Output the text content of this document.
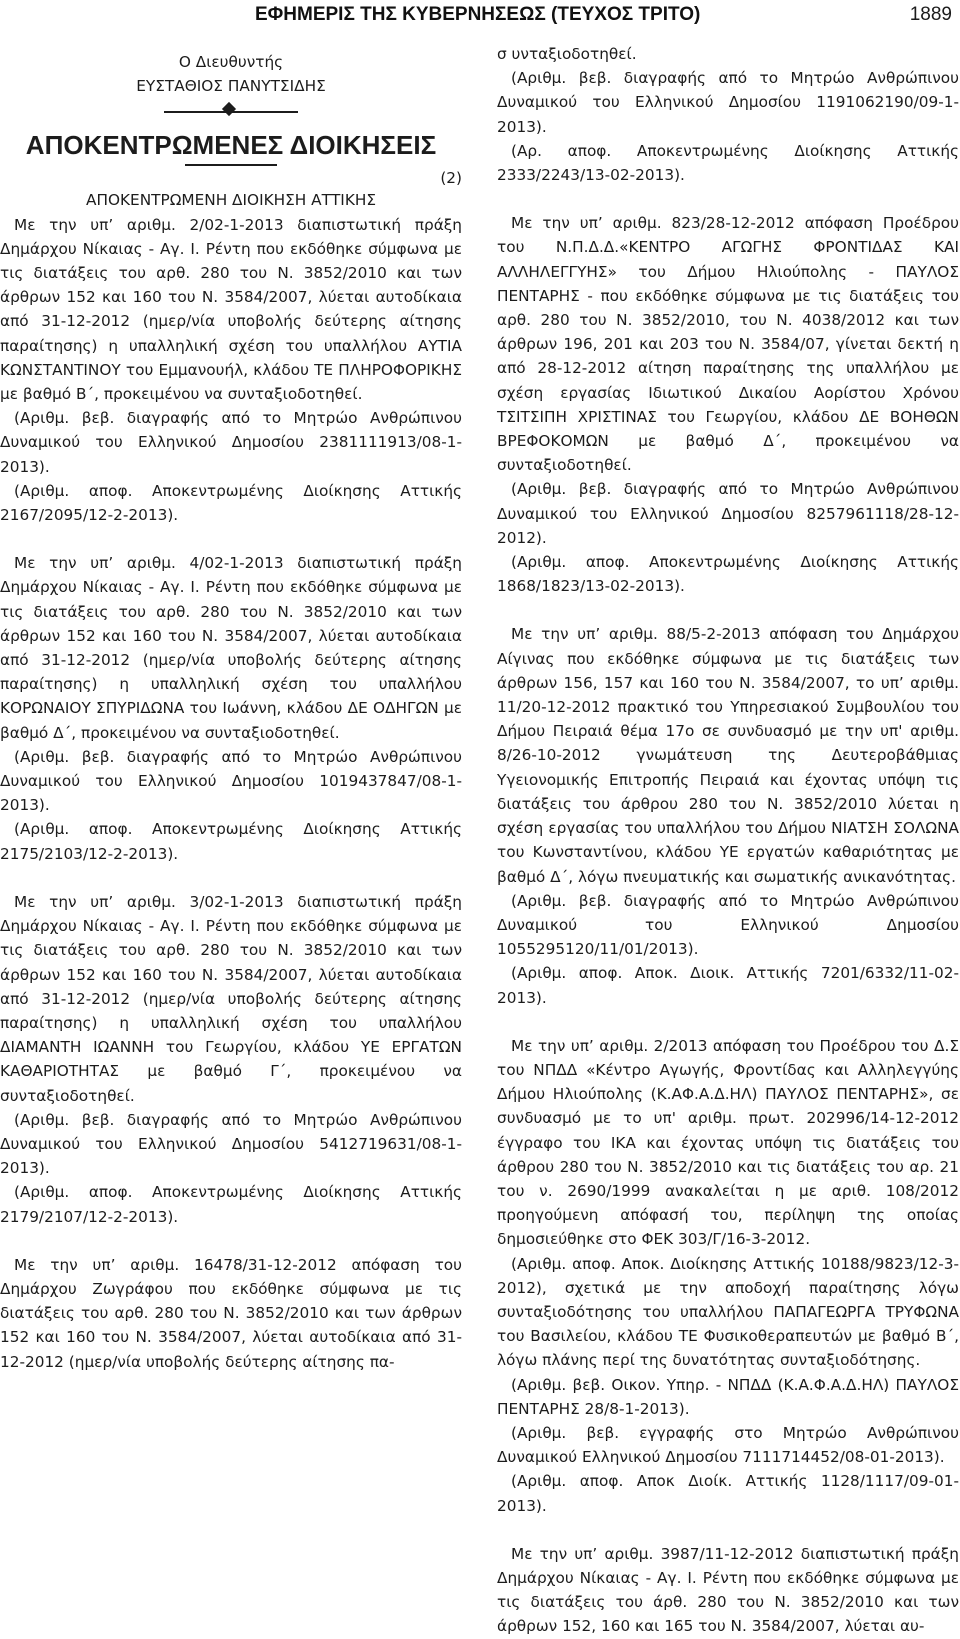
ΕΦΗΜΕΡΙΣ ΤΗΣ ΚΥΒΕΡΝΗΣΕΩΣ (ΤΕΥΧΟΣ ΤΡΙΤΟ)	1889

Ο Διευθυντής

ΕΥΣΤΑΘΙΟΣ ΠΑΝΥΤΣΙΔΗΣ

ΑΠΟΚΕΝΤΡΩΜΕΝΕΣ ΔΙΟΙΚΗΣΕΙΣ

(2)

ΑΠΟΚΕΝΤΡΩΜΕΝΗ ΔΙΟΙΚΗΣΗ ΑΤΤΙΚΗΣ

Με την υπ’ αριθμ. 2/02-1-2013 διαπιστωτική πράξη Δημάρχου Νίκαιας - Αγ. Ι. Ρέντη που εκδόθηκε σύμφωνα με τις διατάξεις του αρθ. 280 του Ν. 3852/2010 και των άρθρων 152 και 160 του Ν. 3584/2007, λύεται αυτοδίκαια από 31-12-2012 (ημερ/νία υποβολής δεύτερης αίτησης παραίτησης) η υπαλληλική σχέση του υπαλλήλου ΑΥΤΙΑ ΚΩΝΣΤΑΝΤΙΝΟΥ του Εμμανουήλ, κλάδου ΤΕ ΠΛΗΡΟΦΟΡΙΚΗΣ με βαθμό Β΄, προκειμένου να συνταξιοδοτηθεί.

(Αριθμ. βεβ. διαγραφής από το Μητρώο Ανθρώπινου Δυναμικού του Ελληνικού Δημοσίου 2381111913/08-1-2013).

(Αριθμ. αποφ. Αποκεντρωμένης Διοίκησης Αττικής 2167/2095/12-2-2013).

Με την υπ’ αριθμ. 4/02-1-2013 διαπιστωτική πράξη Δημάρχου Νίκαιας - Αγ. Ι. Ρέντη που εκδόθηκε σύμφωνα με τις διατάξεις του αρθ. 280 του Ν. 3852/2010 και των άρθρων 152 και 160 του Ν. 3584/2007, λύεται αυτοδίκαια από 31-12-2012 (ημερ/νία υποβολής δεύτερης αίτησης παραίτησης) η υπαλληλική σχέση του υπαλλήλου ΚΟΡΩΝΑΙΟΥ ΣΠΥΡΙΔΩΝΑ του Ιωάννη, κλάδου ΔΕ ΟΔΗΓΩΝ με βαθμό Δ΄, προκειμένου να συνταξιοδοτηθεί.

(Αριθμ. βεβ. διαγραφής από το Μητρώο Ανθρώπινου Δυναμικού του Ελληνικού Δημοσίου 1019437847/08-1-2013).

(Αριθμ. αποφ. Αποκεντρωμένης Διοίκησης Αττικής 2175/2103/12-2-2013).

Με την υπ’ αριθμ. 3/02-1-2013 διαπιστωτική πράξη Δημάρχου Νίκαιας - Αγ. Ι. Ρέντη που εκδόθηκε σύμφωνα με τις διατάξεις του αρθ. 280 του Ν. 3852/2010 και των άρθρων 152 και 160 του Ν. 3584/2007, λύεται αυτοδίκαια από 31-12-2012 (ημερ/νία υποβολής δεύτερης αίτησης παραίτησης) η υπαλληλική σχέση του υπαλλήλου ΔΙΑΜΑΝΤΗ ΙΩΑΝΝΗ του Γεωργίου, κλάδου ΥΕ ΕΡΓΑΤΩΝ ΚΑΘΑΡΙΟΤΗΤΑΣ με βαθμό Γ΄, προκειμένου να συνταξιοδοτηθεί.

(Αριθμ. βεβ. διαγραφής από το Μητρώο Ανθρώπινου Δυναμικού του Ελληνικού Δημοσίου 5412719631/08-1-2013).

(Αριθμ. αποφ. Αποκεντρωμένης Διοίκησης Αττικής 2179/2107/12-2-2013).

Με την υπ’ αριθμ. 16478/31-12-2012 απόφαση του Δημάρχου Ζωγράφου που εκδόθηκε σύμφωνα με τις διατάξεις του αρθ. 280 του Ν. 3852/2010 και των άρθρων 152 και 160 του Ν. 3584/2007, λύεται αυτοδίκαια από 31-12-2012 (ημερ/νία υποβολής δεύτερης αίτησης πα-

σ υνταξιοδοτηθεί.

(Αριθμ. βεβ. διαγραφής από το Μητρώο Ανθρώπινου Δυναμικού του Ελληνικού Δημοσίου 1191062190/09-1-2013).

(Αρ. αποφ. Αποκεντρωμένης Διοίκησης Αττικής 2333/2243/13-02-2013).

Με την υπ’ αριθμ. 823/28-12-2012 απόφαση Προέδρου του Ν.Π.Δ.Δ.«ΚΕΝΤΡΟ ΑΓΩΓΗΣ ΦΡΟΝΤΙΔΑΣ ΚΑΙ ΑΛΛΗΛΕΓΓΥΗΣ» του Δήμου Ηλιούπολης - ΠΑΥΛΟΣ ΠΕΝΤΑΡΗΣ - που εκδόθηκε σύμφωνα με τις διατάξεις του αρθ. 280 του Ν. 3852/2010, του Ν. 4038/2012 και των άρθρων 196, 201 και 203 του Ν. 3584/07, γίνεται δεκτή η από 28-12-2012 αίτηση παραίτησης της υπαλλήλου με σχέση εργασίας Ιδιωτικού Δικαίου Αορίστου Χρόνου ΤΣΙΤΣΙΠΗ ΧΡΙΣΤΙΝΑΣ του Γεωργίου, κλάδου ΔΕ ΒΟΗΘΩΝ ΒΡΕΦΟΚΟΜΩΝ με βαθμό Δ΄, προκειμένου να συνταξιοδοτηθεί.

(Αριθμ. βεβ. διαγραφής από το Μητρώο Ανθρώπινου Δυναμικού του Ελληνικού Δημοσίου 8257961118/28-12-2012).

(Αριθμ. αποφ. Αποκεντρωμένης Διοίκησης Αττικής 1868/1823/13-02-2013).

Με την υπ’ αριθμ. 88/5-2-2013 απόφαση του Δημάρχου Αίγινας που εκδόθηκε σύμφωνα με τις διατάξεις των άρθρων 156, 157 και 160 του Ν. 3584/2007, το υπ’ αριθμ. 11/20-12-2012 πρακτικό του Υπηρεσιακού Συμβουλίου του Δήμου Πειραιά θέμα 17ο σε συνδυασμό με την υπ' αριθμ. 8/26-10-2012 γνωμάτευση της Δευτεροβάθμιας Υγειονομικής Επιτροπής Πειραιά και έχοντας υπόψη τις διατάξεις του άρθρου 280 του Ν. 3852/2010 λύεται η σχέση εργασίας του υπαλλήλου του Δήμου ΝΙΑΤΣΗ ΣΟΛΩΝΑ του Κωνσταντίνου, κλάδου ΥΕ εργατών καθαριότητας με βαθμό Δ΄, λόγω πνευματικής και σωματικής ανικανότητας.

(Αριθμ. βεβ. διαγραφής από το Μητρώο Ανθρώπινου Δυναμικού του Ελληνικού Δημοσίου 1055295120/11/01/2013).

(Αριθμ. αποφ. Αποκ. Διοικ. Αττικής 7201/6332/11-02-2013).

Με την υπ’ αριθμ. 2/2013 απόφαση του Προέδρου του Δ.Σ του ΝΠΔΔ «Κέντρο Αγωγής, Φροντίδας και Αλληλεγγύης Δήμου Ηλιούπολης (Κ.ΑΦ.Α.Δ.ΗΛ) ΠΑΥΛΟΣ ΠΕΝΤΑΡΗΣ», σε συνδυασμό με το υπ' αριθμ. πρωτ. 202996/14-12-2012 έγγραφο του ΙΚΑ και έχοντας υπόψη τις διατάξεις του άρθρου 280 του Ν. 3852/2010 και τις διατάξεις του αρ. 21 του ν. 2690/1999 ανακαλείται η με αριθ. 108/2012 προηγούμενη απόφασή του, περίληψη της οποίας δημοσιεύθηκε στο ΦΕΚ 303/Γ/16-3-2012.

(Αριθμ. αποφ. Αποκ. Διοίκησης Αττικής 10188/9823/12-3-2012), σχετικά με την αποδοχή παραίτησης λόγω συνταξιοδότησης του υπαλλήλου ΠΑΠΑΓΕΩΡΓΑ ΤΡΥΦΩΝΑ του Βασιλείου, κλάδου ΤΕ Φυσικοθεραπευτών με βαθμό Β΄, λόγω πλάνης περί της δυνατότητας συνταξιοδότησης.

(Αριθμ. βεβ. Οικον. Υπηρ. - ΝΠΔΔ (Κ.Α.Φ.Α.Δ.ΗΛ) ΠΑΥΛΟΣ ΠΕΝΤΑΡΗΣ 28/8-1-2013).

(Αριθμ. βεβ. εγγραφής στο Μητρώο Ανθρώπινου Δυναμικού Ελληνικού Δημοσίου 7111714452/08-01-2013).

(Αριθμ. αποφ. Αποκ Διοίκ. Αττικής 1128/1117/09-01-2013).

Με την υπ’ αριθμ. 3987/11-12-2012 διαπιστωτική πράξη Δημάρχου Νίκαιας - Αγ. Ι. Ρέντη που εκδόθηκε σύμφωνα με τις διατάξεις του άρθ. 280 του Ν. 3852/2010 και των άρθρων 152, 160 και 165 του Ν. 3584/2007, λύεται αυ-
